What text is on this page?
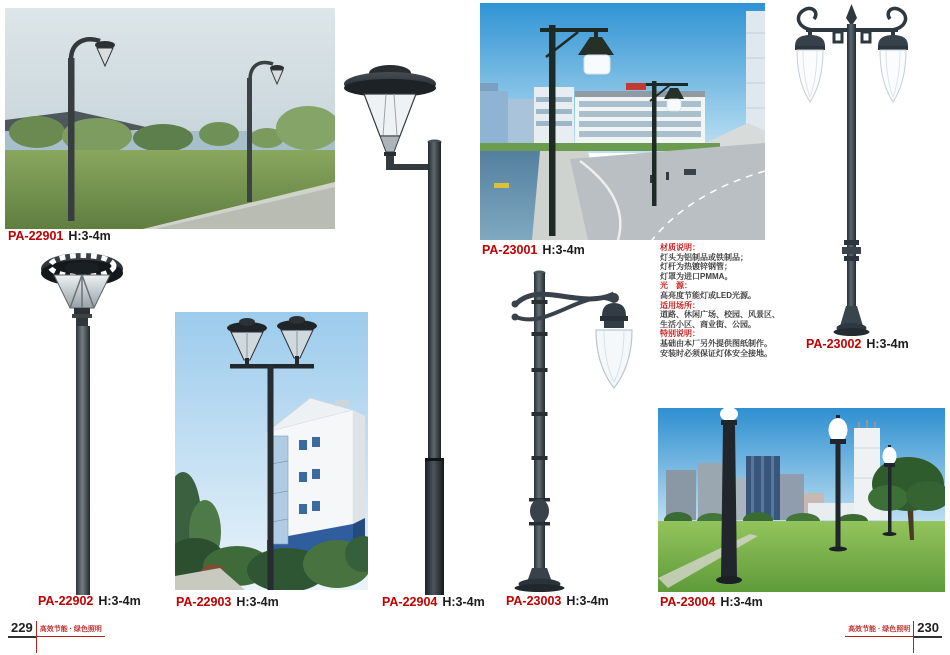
PA-22901 H:3-4m
PA-22902 H:3-4m	PA-22903 H:3-4m	PA-22904 H:3-4m
PA-23001 H:3-4m	材质说明：
灯头为铝制品或铁制品；
灯杆为热镀锌钢管；
灯罩为进口PMMA。
光　源：
高亮度节能灯或LED光源。
适用场所：
道路、休闲广场、校园、风景区、
生活小区、商业街、公园。
特别说明：
基础由本厂另外提供图纸制作。
安装时必须保证灯体安全接地。
PA-23002 H:3-4m
PA-23003 H:3-4m	PA-23004 H:3-4m
229	高效节能 · 绿色照明	高效节能 · 绿色照明 230
